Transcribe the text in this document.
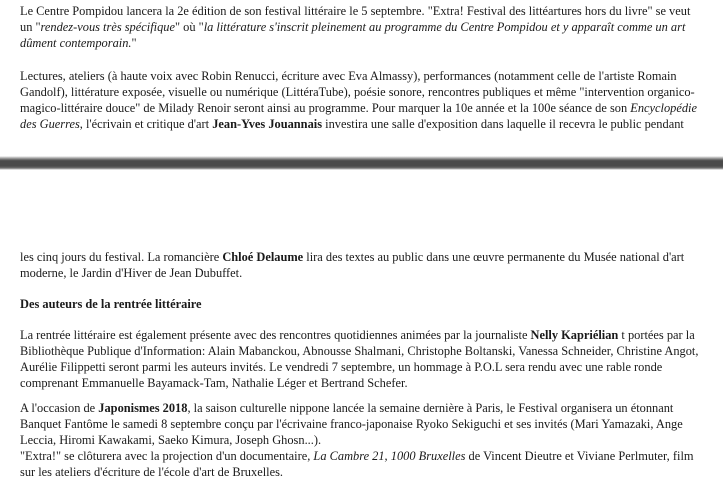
Le Centre Pompidou lancera la 2e édition de son festival littéraire le 5 septembre. "Extra! Festival des littéartures hors du livre" se veut
un "rendez-vous très spécifique" où "la littérature s'inscrit pleinement au programme du Centre Pompidou et y apparaît comme un art
dûment contemporain."
Lectures, ateliers (à haute voix avec Robin Renucci, écriture avec Eva Almassy), performances (notamment celle de l'artiste Romain
Gandolf), littérature exposée, visuelle ou numérique (LittéraTube), poésie sonore, rencontres publiques et même "intervention organico-
magico-littéraire douce" de Milady Renoir seront ainsi au programme. Pour marquer la 10e année et la 100e séance de son Encyclopédie
des Guerres, l'écrivain et critique d'art Jean-Yves Jouannais investira une salle d'exposition dans laquelle il recevra le public pendant
les cinq jours du festival. La romancière Chloé Delaume lira des textes au public dans une œuvre permanente du Musée national d'art
moderne, le Jardin d'Hiver de Jean Dubuffet.
Des auteurs de la rentrée littéraire
La rentrée littéraire est également présente avec des rencontres quotidiennes animées par la journaliste Nelly Kapriélian t portées par la
Bibliothèque Publique d'Information: Alain Mabanckou, Abnousse Shalmani, Christophe Boltanski, Vanessa Schneider, Christine Angot,
Aurélie Filippetti seront parmi les auteurs invités. Le vendredi 7 septembre, un hommage à P.O.L sera rendu avec une rable ronde
comprenant Emmanuelle Bayamack-Tam, Nathalie Léger et Bertrand Schefer.
A l'occasion de Japonismes 2018, la saison culturelle nippone lancée la semaine dernière à Paris, le Festival organisera un étonnant
Banquet Fantôme le samedi 8 septembre conçu par l'écrivaine franco-japonaise Ryoko Sekiguchi et ses invités (Mari Yamazaki, Ange
Leccia, Hiromi Kawakami, Saeko Kimura, Joseph Ghosn...).
"Extra!" se clôturera avec la projection d'un documentaire, La Cambre 21, 1000 Bruxelles de Vincent Dieutre et Viviane Perlmuter, film
sur les ateliers d'écriture de l'école d'art de Bruxelles.
